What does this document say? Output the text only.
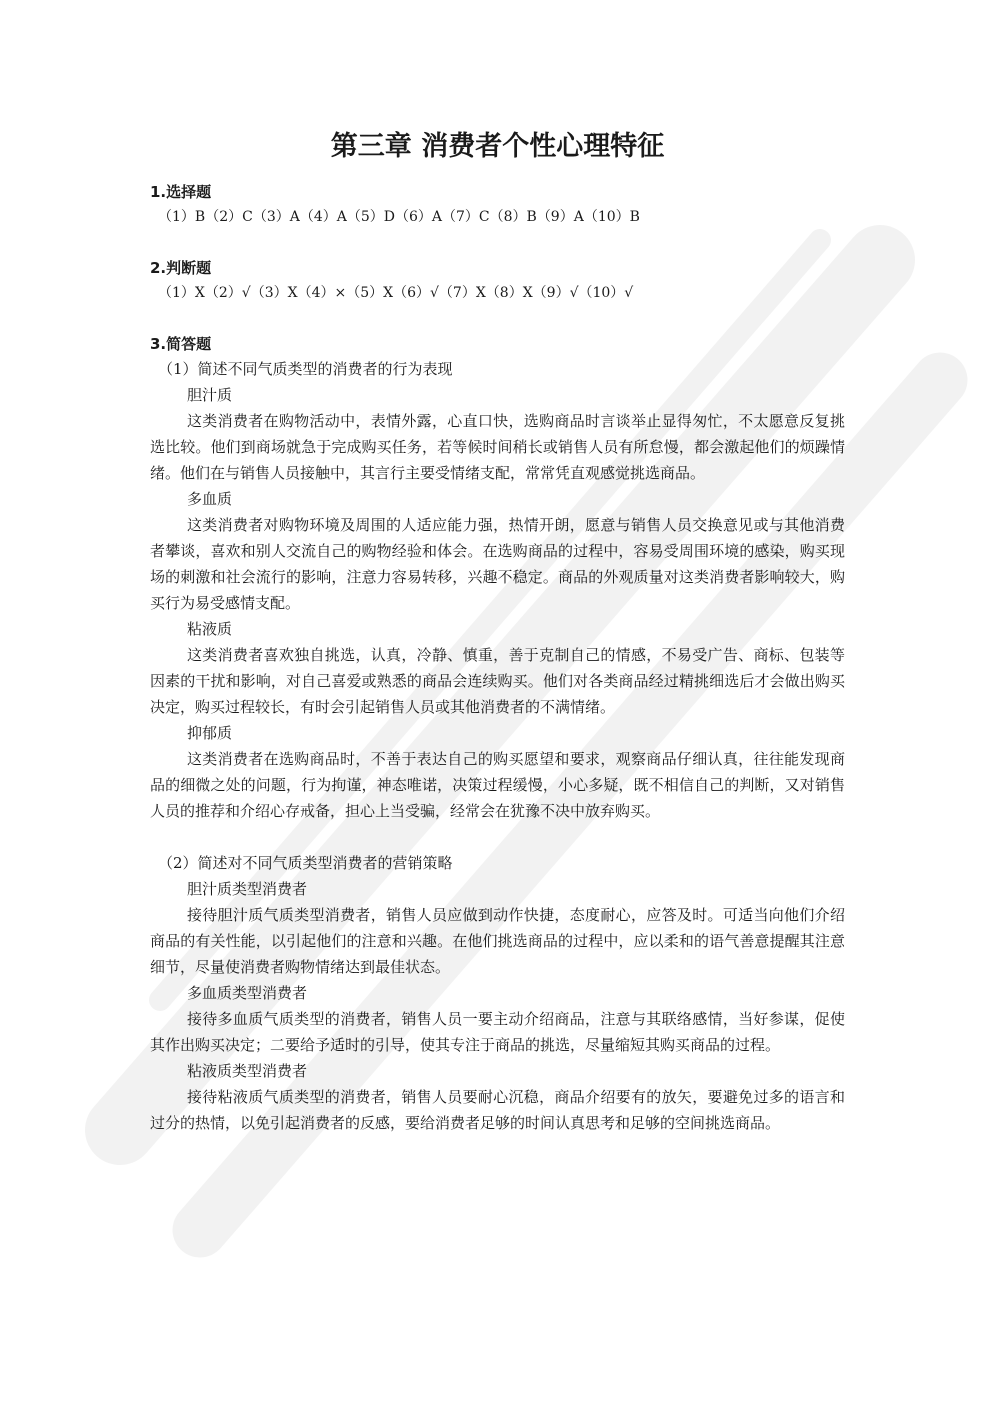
第三章 消费者个性心理特征

1.选择题

（1）B（2）C（3）A（4）A（5）D（6）A（7）C（8）B（9）A（10）B

2.判断题

（1）X（2）√（3）X（4）×（5）X（6）√（7）X（8）X（9）√（10）√

3.简答题

（1）简述不同气质类型的消费者的行为表现

胆汁质

这类消费者在购物活动中，表情外露，心直口快，选购商品时言谈举止显得匆忙，不太愿意反复挑选比较。他们到商场就急于完成购买任务，若等候时间稍长或销售人员有所怠慢，都会激起他们的烦躁情绪。他们在与销售人员接触中，其言行主要受情绪支配，常常凭直观感觉挑选商品。

多血质

这类消费者对购物环境及周围的人适应能力强，热情开朗，愿意与销售人员交换意见或与其他消费者攀谈，喜欢和别人交流自己的购物经验和体会。在选购商品的过程中，容易受周围环境的感染，购买现场的刺激和社会流行的影响，注意力容易转移，兴趣不稳定。商品的外观质量对这类消费者影响较大，购买行为易受感情支配。

粘液质

这类消费者喜欢独自挑选，认真，冷静、慎重，善于克制自己的情感，不易受广告、商标、包装等因素的干扰和影响，对自己喜爱或熟悉的商品会连续购买。他们对各类商品经过精挑细选后才会做出购买决定，购买过程较长，有时会引起销售人员或其他消费者的不满情绪。

抑郁质

这类消费者在选购商品时，不善于表达自己的购买愿望和要求，观察商品仔细认真，往往能发现商品的细微之处的问题，行为拘谨，神态唯诺，决策过程缓慢，小心多疑，既不相信自己的判断，又对销售人员的推荐和介绍心存戒备，担心上当受骗，经常会在犹豫不决中放弃购买。

（2）简述对不同气质类型消费者的营销策略

胆汁质类型消费者

接待胆汁质气质类型消费者，销售人员应做到动作快捷，态度耐心，应答及时。可适当向他们介绍商品的有关性能，以引起他们的注意和兴趣。在他们挑选商品的过程中，应以柔和的语气善意提醒其注意细节，尽量使消费者购物情绪达到最佳状态。

多血质类型消费者

接待多血质气质类型的消费者，销售人员一要主动介绍商品，注意与其联络感情，当好参谋，促使其作出购买决定；二要给予适时的引导，使其专注于商品的挑选，尽量缩短其购买商品的过程。

粘液质类型消费者

接待粘液质气质类型的消费者，销售人员要耐心沉稳，商品介绍要有的放矢，要避免过多的语言和过分的热情，以免引起消费者的反感，要给消费者足够的时间认真思考和足够的空间挑选商品。
